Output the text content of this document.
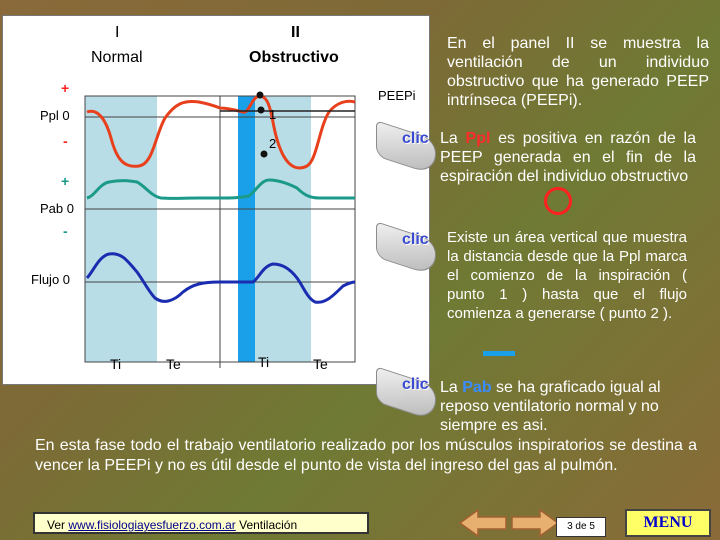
I
Normal
II
Obstructivo
+
Ppl 0
-
+
Pab 0
-
Flujo 0
PEEPi
1
2
Ti	Te	Ti	Te
En el panel II se muestra la ventilación de un individuo obstructivo que ha generado PEEP intrínseca (PEEPi).
clic La Ppl es positiva en razón de la PEEP generada en el fin de la espiración del individuo obstructivo
clic Existe un área vertical que muestra la distancia desde que la Ppl marca el comienzo de la inspiración ( punto 1 ) hasta que el flujo comienza a generarse ( punto 2 ).
clic La Pab se ha graficado igual al reposo ventilatorio normal y no siempre es asi.
En esta fase todo el trabajo ventilatorio realizado por los músculos inspiratorios se destina a vencer la PEEPi y no es útil desde el punto de vista del ingreso del gas al pulmón.
Ver www.fisiologiayesfuerzo.com.ar Ventilación	3 de 5	MENU
